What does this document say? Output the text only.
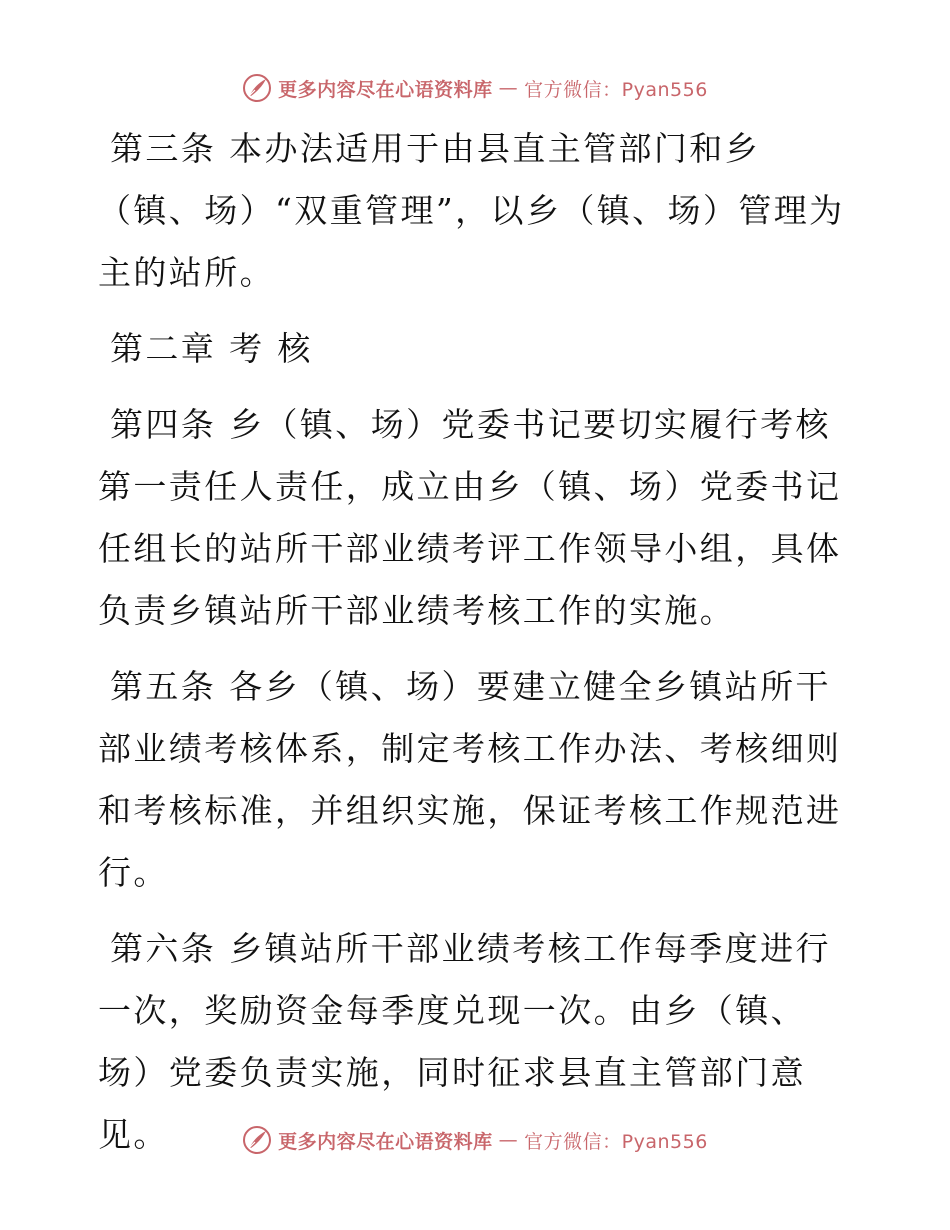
更多内容尽在心语资料库 — 官方微信：Pyan556

第三条 本办法适用于由县直主管部门和乡（镇、场）“双重管理”，以乡（镇、场）管理为主的站所。

第二章 考 核

第四条 乡（镇、场）党委书记要切实履行考核第一责任人责任，成立由乡（镇、场）党委书记任组长的站所干部业绩考评工作领导小组，具体负责乡镇站所干部业绩考核工作的实施。

第五条 各乡（镇、场）要建立健全乡镇站所干部业绩考核体系，制定考核工作办法、考核细则和考核标准，并组织实施，保证考核工作规范进行。

第六条 乡镇站所干部业绩考核工作每季度进行一次，奖励资金每季度兑现一次。由乡（镇、场）党委负责实施，同时征求县直主管部门意见。	更多内容尽在心语资料库 — 官方微信：Pyan556
